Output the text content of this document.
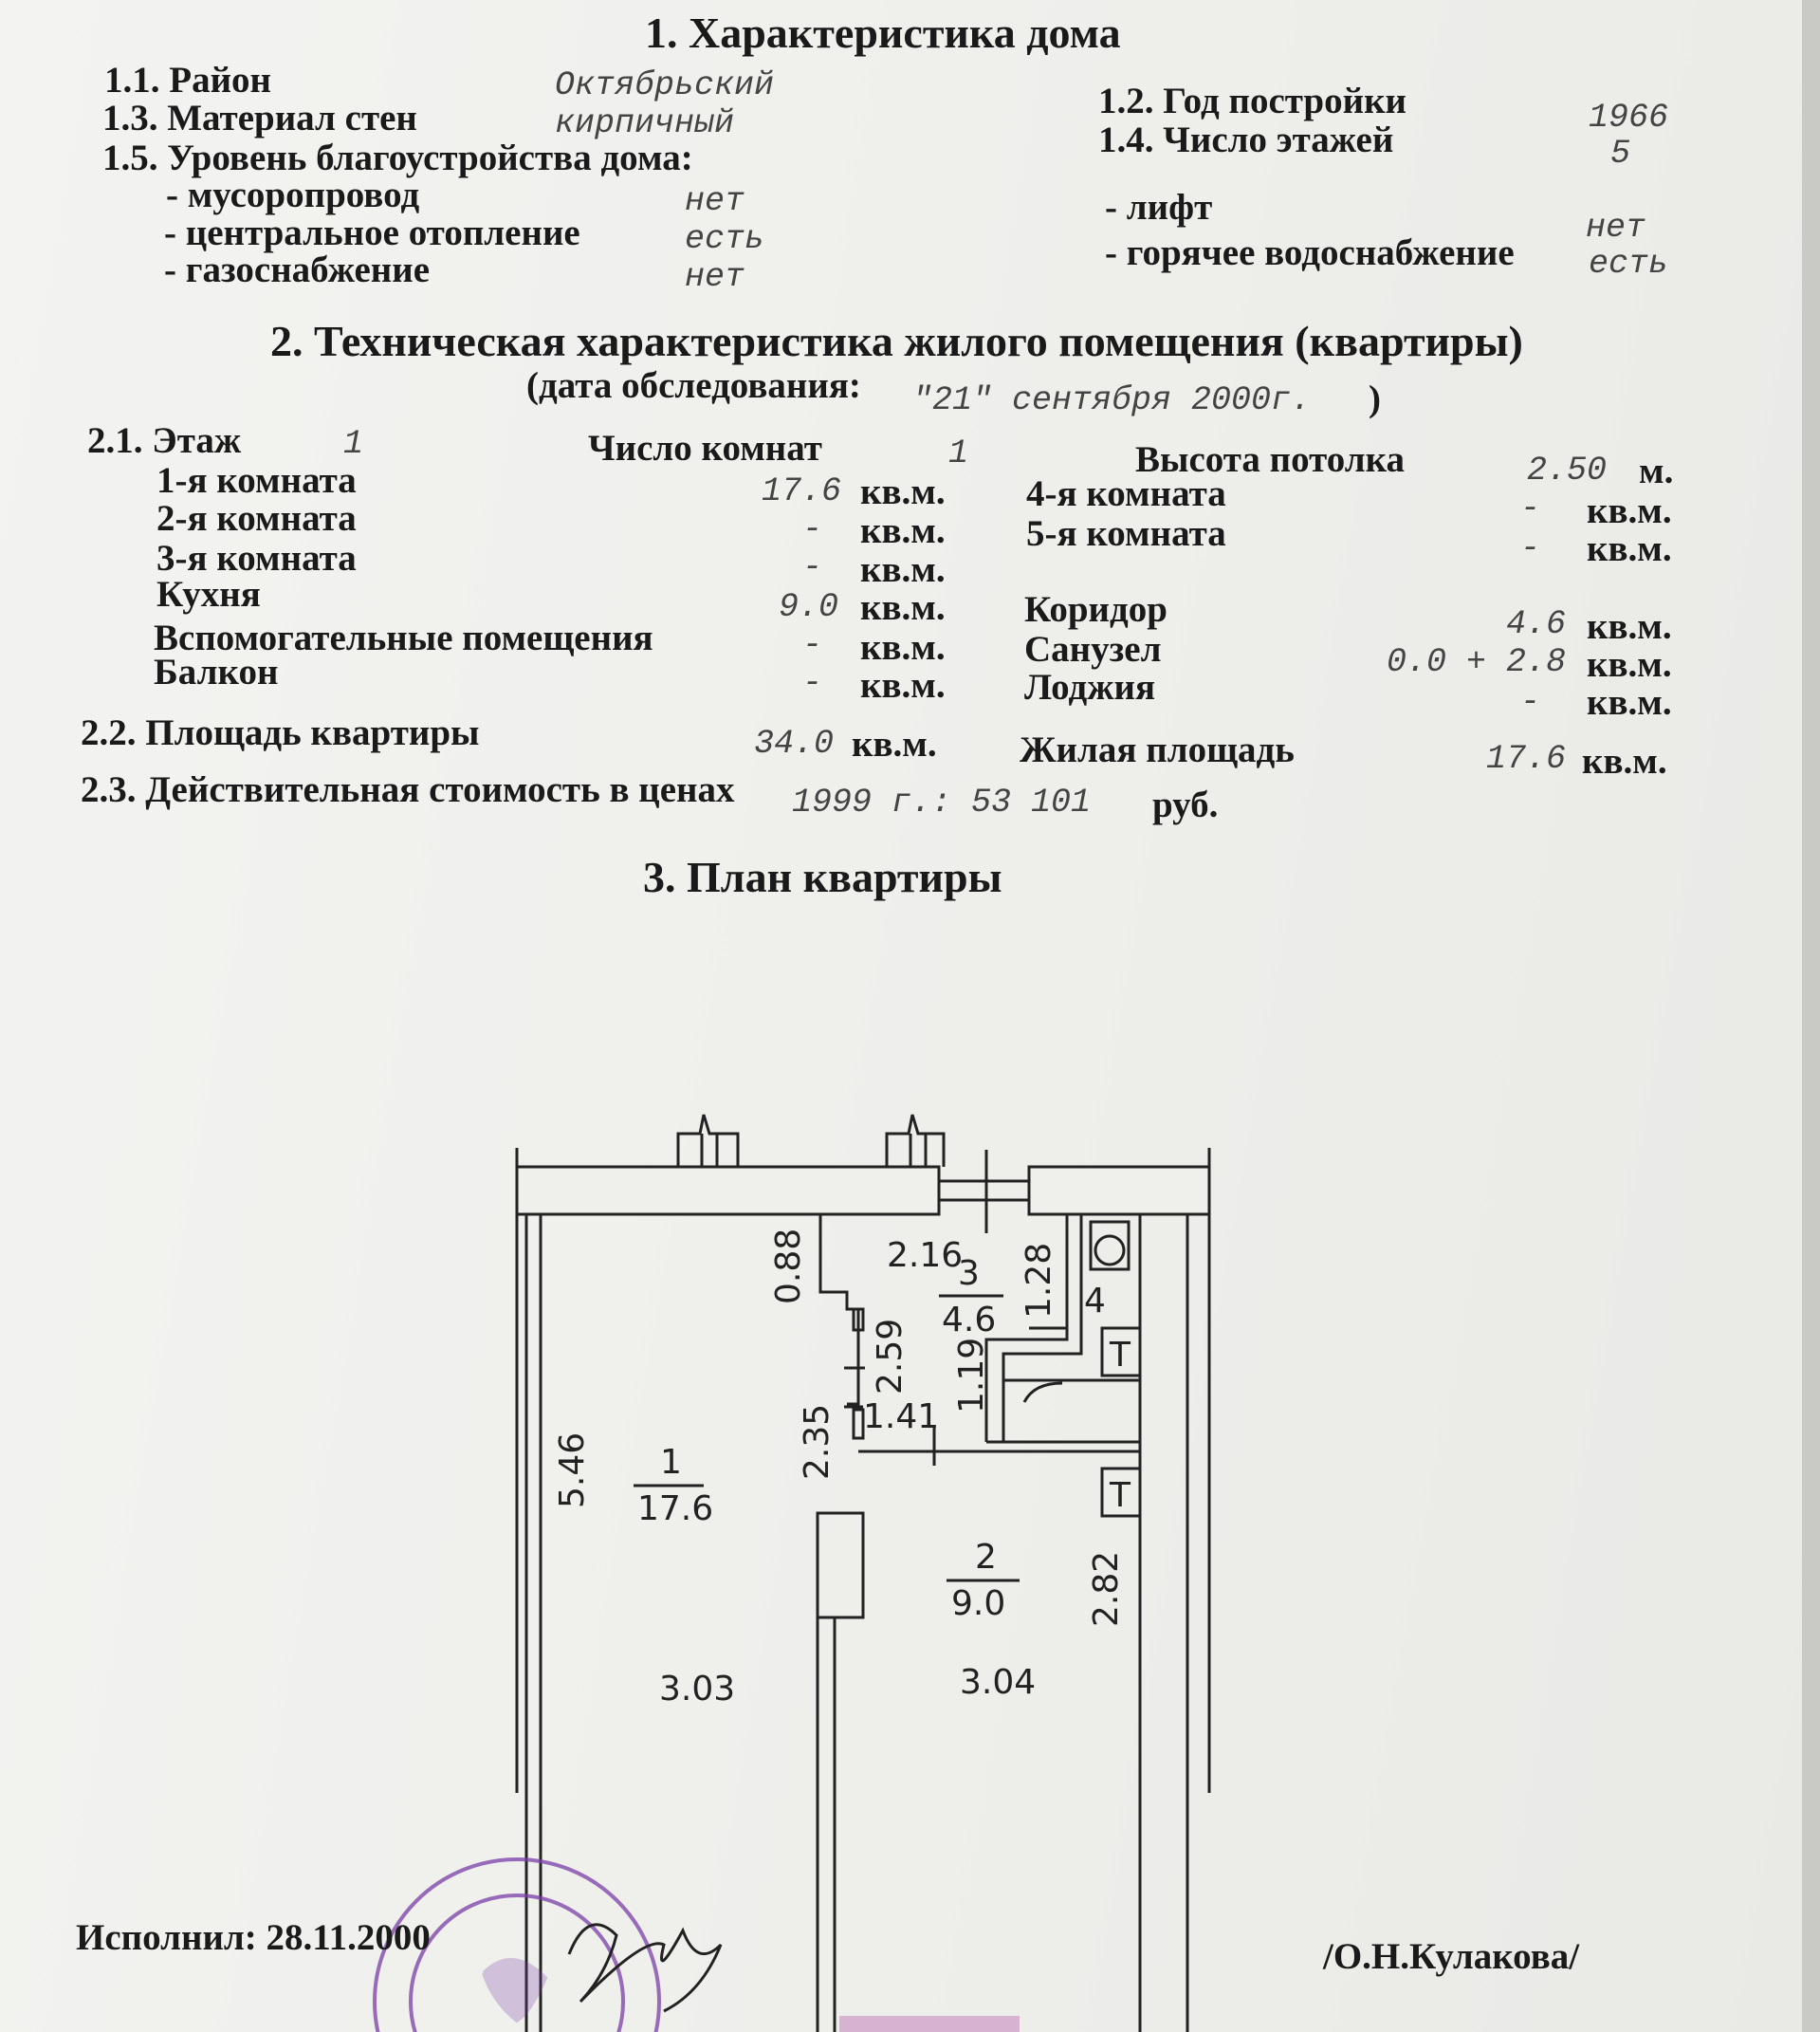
1. Характеристика дома
1.1. Район	Октябрьский
1.3. Материал стен	кирпичный
1.2. Год постройки	1966
1.4. Число этажей	5
1.5. Уровень благоустройства дома:
- мусоропровод	нет
- центральное отопление	есть
- газоснабжение	нет
- лифт	нет
- горячее водоснабжение есть
2. Техническая характеристика жилого помещения (квартиры)
(дата обследования: "21" сентября 2000г. )
2.1. Этаж	1	Число комнат	1	Высота потолка	2.50 м.
1-я комната	17.6 кв.м.
2-я комната	- кв.м.
3-я комната	- кв.м.
Кухня	9.0 кв.м.
Вспомогательные помещения	- кв.м.
Балкон	- кв.м.
4-я комната	- кв.м.
5-я комната	- кв.м.
Коридор	4.6 кв.м.
Санузел	0.0 + 2.8 кв.м.
Лоджия	- кв.м.
2.2. Площадь квартиры	34.0 кв.м. Жилая площадь	17.6 кв.м.
2.3. Действительная стоимость в ценах 1999 г.: 53 101 руб.
3. План квартиры
1
17.6
2
9.0
3
4.6	4
2.16
1.41
3.03	3.04
5.46
0.88
2.59
2.35
1.28
1.19
2.82
T
T
Исполнил: 28.11.2000	/О.Н.Кулакова/
